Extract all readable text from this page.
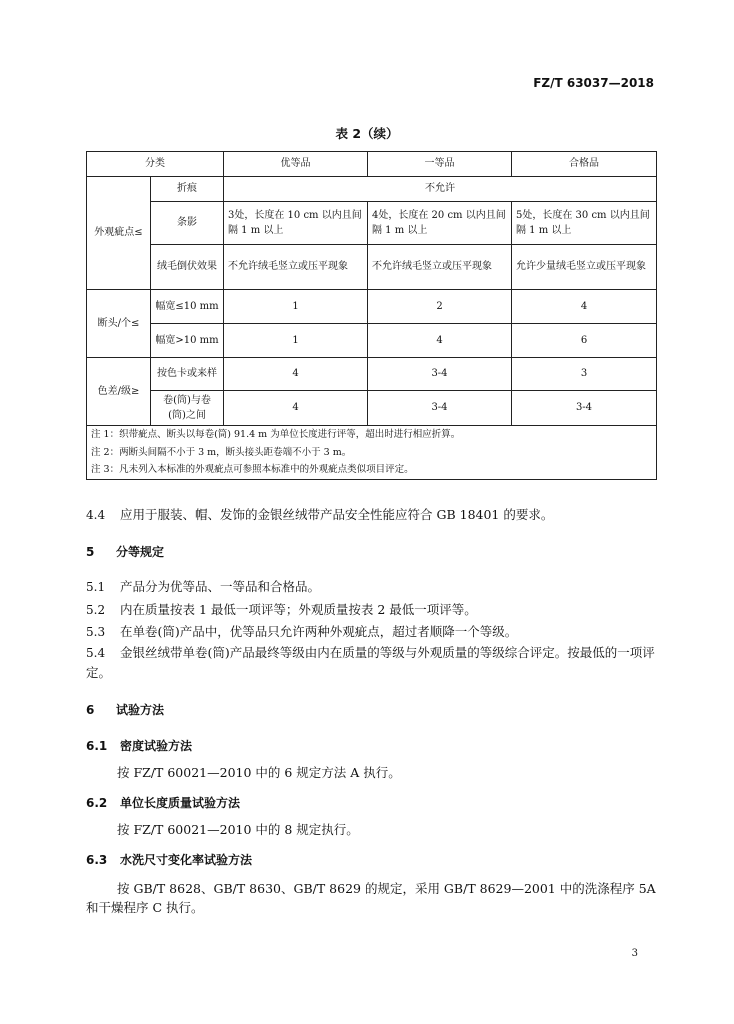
FZ/T 63037—2018
表 2（续）
分类		优等品	一等品	合格品
外观疵点≤	折痕	不允许		
	条影	3处，长度在 10 cm 以内且间隔 1 m 以上	4处，长度在 20 cm 以内且间隔 1 m 以上	5处，长度在 30 cm 以内且间隔 1 m 以上
	绒毛倒伏效果	不允许绒毛竖立或压平现象	不允许绒毛竖立或压平现象	允许少量绒毛竖立或压平现象
断头/个≤	幅宽≤10 mm	1	2	4
	幅宽>10 mm	1	4	6
色差/级≥	按色卡或来样	4	3-4	3
	卷(筒)与卷(筒)之间	4	3-4	3-4

注 1：织带疵点、断头以每卷(筒) 91.4 m 为单位长度进行评等，超出时进行相应折算。
注 2：两断头间隔不小于 3 m，断头接头距卷端不小于 3 m。
注 3：凡未列入本标准的外观疵点可参照本标准中的外观疵点类似项目评定。				
4.4 应用于服装、帽、发饰的金银丝绒带产品安全性能应符合 GB 18401 的要求。
5 分等规定
5.1 产品分为优等品、一等品和合格品。
5.2 内在质量按表 1 最低一项评等；外观质量按表 2 最低一项评等。
5.3 在单卷(筒)产品中，优等品只允许两种外观疵点，超过者顺降一个等级。
5.4 金银丝绒带单卷(筒)产品最终等级由内在质量的等级与外观质量的等级综合评定。按最低的一项评定。
6 试验方法
6.1 密度试验方法
按 FZ/T 60021—2010 中的 6 规定方法 A 执行。
6.2 单位长度质量试验方法
按 FZ/T 60021—2010 中的 8 规定执行。
6.3 水洗尺寸变化率试验方法
按 GB/T 8628、GB/T 8630、GB/T 8629 的规定，采用 GB/T 8629—2001 中的洗涤程序 5A 和干燥程序 C 执行。
3
